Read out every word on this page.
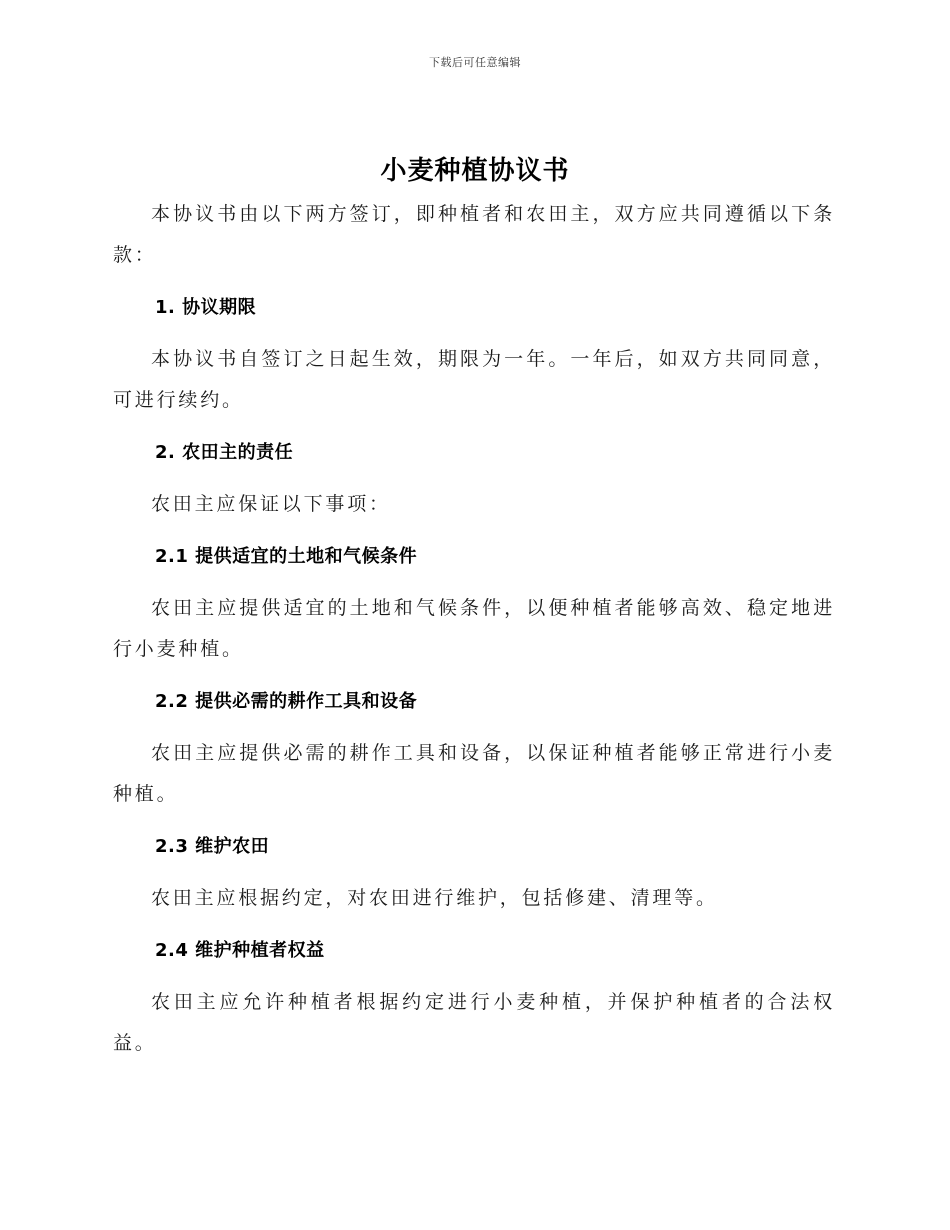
下载后可任意编辑
小麦种植协议书

本协议书由以下两方签订，即种植者和农田主，双方应共同遵循以下条款：

1. 协议期限

本协议书自签订之日起生效，期限为一年。一年后，如双方共同同意，可进行续约。

2. 农田主的责任

农田主应保证以下事项：

2.1 提供适宜的土地和气候条件

农田主应提供适宜的土地和气候条件，以便种植者能够高效、稳定地进行小麦种植。

2.2 提供必需的耕作工具和设备

农田主应提供必需的耕作工具和设备，以保证种植者能够正常进行小麦种植。

2.3 维护农田

农田主应根据约定，对农田进行维护，包括修建、清理等。

2.4 维护种植者权益

农田主应允许种植者根据约定进行小麦种植，并保护种植者的合法权益。
